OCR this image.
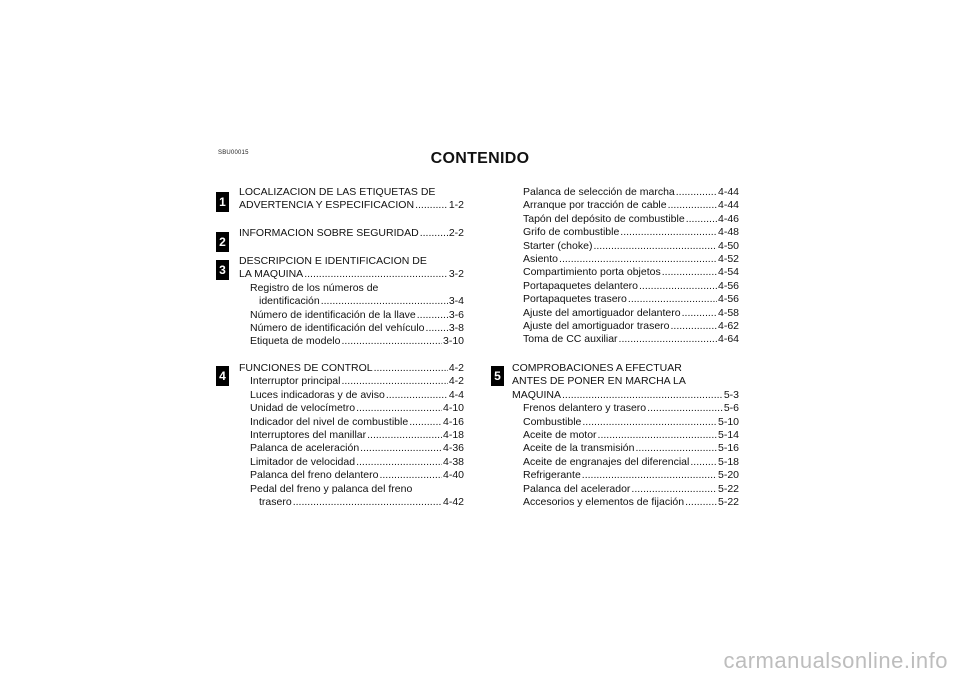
SBU00015	CONTENIDO
1
2
3
4	5
LOCALIZACION DE LAS ETIQUETAS DE
ADVERTENCIA Y ESPECIFICACION .....	1-2
INFORMACION SOBRE SEGURIDAD .....	2-2
DESCRIPCION E IDENTIFICACION DE
LA MAQUINA .....	3-2
Registro de los números de
identificación .....	3-4
Número de identificación de la llave .....	3-6
Número de identificación del vehículo ..... 3-8
Etiqueta de modelo .....	3-10
FUNCIONES DE CONTROL .....	4-2
Interruptor principal .....	4-2
Luces indicadoras y de aviso .....	4-4
Unidad de velocímetro .....	4-10
Indicador del nivel de combustible .....	4-16
Interruptores del manillar .....	4-18
Palanca de aceleración .....	4-36
Limitador de velocidad .....	4-38
Palanca del freno delantero .....	4-40
Pedal del freno y palanca del freno
trasero .....	4-42
Palanca de selección de marcha .....	4-44
Arranque por tracción de cable .....	4-44
Tapón del depósito de combustible .....	4-46
Grifo de combustible .....	4-48
Starter (choke) .....	4-50
Asiento .....	4-52
Compartimiento porta objetos .....	4-54
Portapaquetes delantero .....	4-56
Portapaquetes trasero .....	4-56
Ajuste del amortiguador delantero .....	4-58
Ajuste del amortiguador trasero .....	4-62
Toma de CC auxiliar .....	4-64
COMPROBACIONES A EFECTUAR
ANTES DE PONER EN MARCHA LA
MAQUINA .....	5-3
Frenos delantero y trasero .....	5-6
Combustible .....	5-10
Aceite de motor .....	5-14
Aceite de la transmisión .....	5-16
Aceite de engranajes del diferencial .....	5-18
Refrigerante .....	5-20
Palanca del acelerador .....	5-22
Accesorios y elementos de fijación .....	5-22
carmanualsonline.info
